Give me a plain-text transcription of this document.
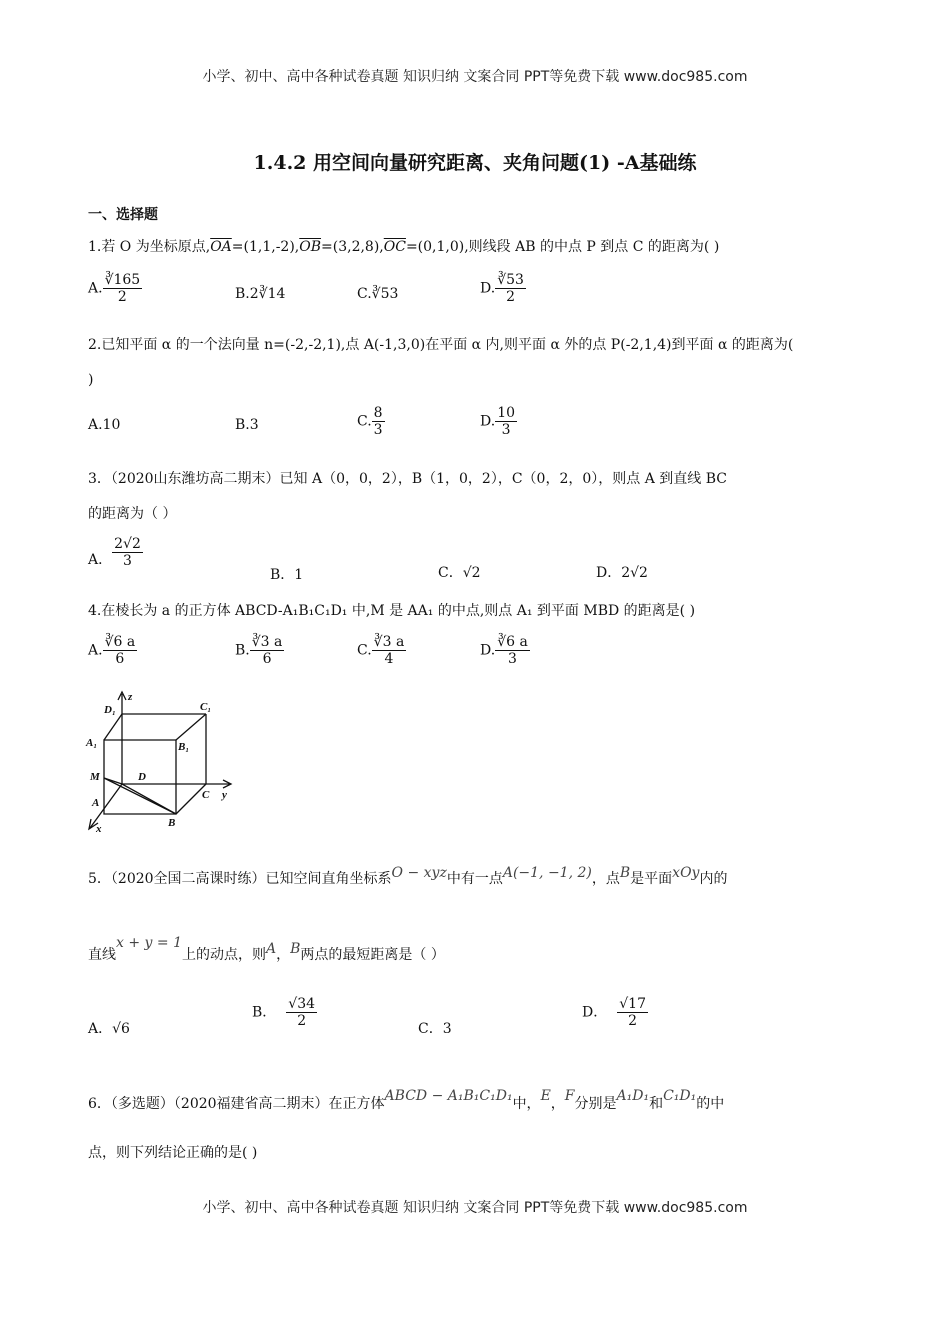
小学、初中、高中各种试卷真题 知识归纳 文案合同 PPT等免费下载 www.doc985.com
1.4.2 用空间向量研究距离、夹角问题(1) -A基础练
一、选择题
1.若 O 为坐标原点$,\overline{OA}=(1,1,-2),\overline{OB}=(3,2,8),\overline{OC}=(0,1,0)$,则线段 AB 的中点 P 到点 C 的距离为( )
A. $\frac{∛165}{2}$	B.2∛14	C.∛53	D. $\frac{∛53}{2}$
2.已知平面 α 的一个法向量 n=(-2,-2,1),点 A(-1,3,0)在平面 α 内,则平面 α 外的点 P(-2,1,4)到平面 α 的距离为(
)
A.10	B.3	C. $\frac{8}{3}$	D. $\frac{10}{3}$
3．（2020山东潍坊高二期末）已知 A（0，0，2），B（1，0，2），C（0，2，0），则点 A 到直线 BC
的距离为（ ）
A． $\frac{2√2}{3}$
B．1	C．√2	D．2√2
4.在棱长为 a 的正方体 ABCD-A₁B₁C₁D₁ 中,M 是 AA₁ 的中点,则点 A₁ 到平面 MBD 的距离是( )
A. $\frac{∛6 a}{6}$	B. $\frac{∛3 a}{6}$	C. $\frac{∛3 a}{4}$	D. $\frac{∛6 a}{3}$
z
y
x
D₁	C₁
A₁	B₁
M	D
C
A
B
5．（2020全国二高课时练）已知空间直角坐标系O − xyz中有一点A(−1, −1, 2)，点B是平面xOy内的
直线x + y = 1上的动点，则A，B两点的最短距离是（ ）
A．√6
B． $\frac{√34}{2}$	C．3
D． $\frac{√17}{2}$
6．（多选题）（2020福建省高二期末）在正方体ABCD − A₁B₁C₁D₁中，E，F分别是A₁D₁和C₁D₁的中
点，则下列结论正确的是( )
小学、初中、高中各种试卷真题 知识归纳 文案合同 PPT等免费下载 www.doc985.com
